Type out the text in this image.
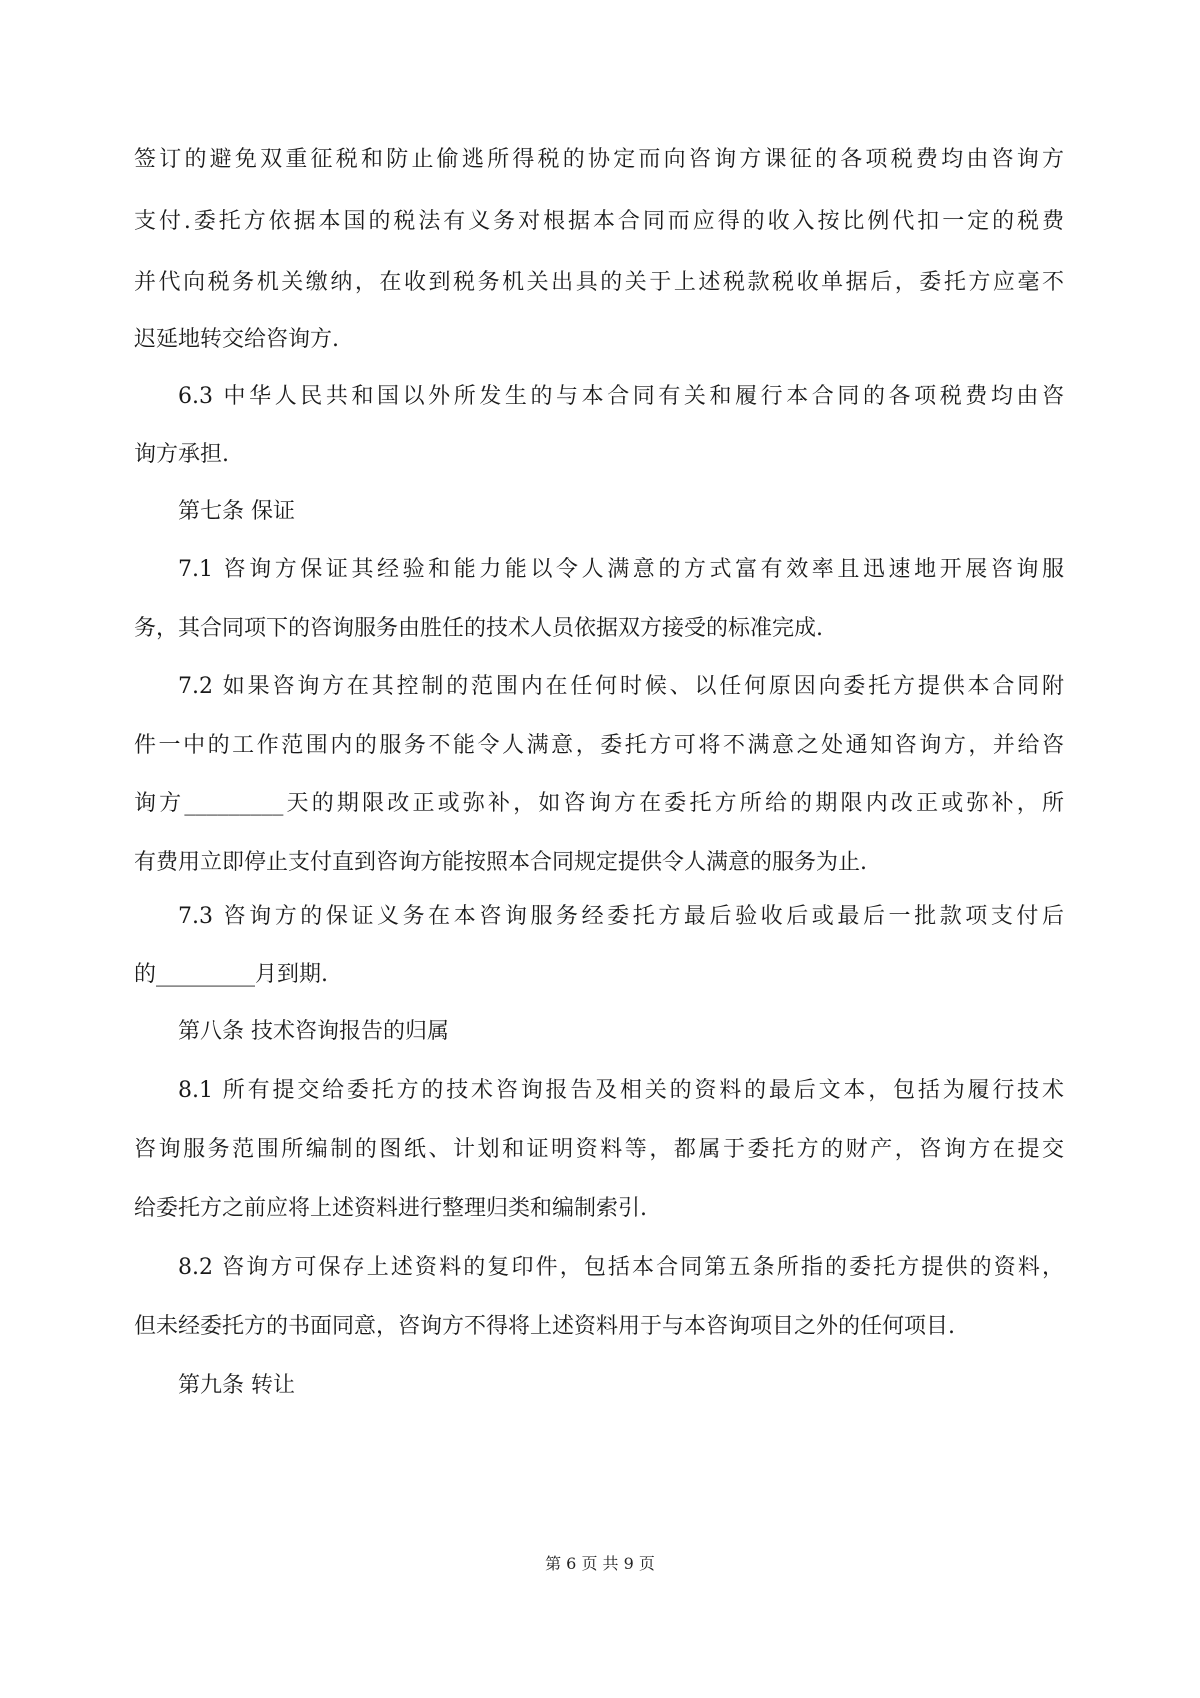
签订的避免双重征税和防止偷逃所得税的协定而向咨询方课征的各项税费均由咨询方

支付.委托方依据本国的税法有义务对根据本合同而应得的收入按比例代扣一定的税费

并代向税务机关缴纳，在收到税务机关出具的关于上述税款税收单据后，委托方应毫不

迟延地转交给咨询方.

6.3 中华人民共和国以外所发生的与本合同有关和履行本合同的各项税费均由咨

询方承担.

第七条 保证

7.1 咨询方保证其经验和能力能以令人满意的方式富有效率且迅速地开展咨询服

务，其合同项下的咨询服务由胜任的技术人员依据双方接受的标准完成.

7.2 如果咨询方在其控制的范围内在任何时候、以任何原因向委托方提供本合同附

件一中的工作范围内的服务不能令人满意，委托方可将不满意之处通知咨询方，并给咨

询方_________天的期限改正或弥补，如咨询方在委托方所给的期限内改正或弥补，所

有费用立即停止支付直到咨询方能按照本合同规定提供令人满意的服务为止.

7.3 咨询方的保证义务在本咨询服务经委托方最后验收后或最后一批款项支付后

的_________月到期.

第八条 技术咨询报告的归属

8.1 所有提交给委托方的技术咨询报告及相关的资料的最后文本，包括为履行技术

咨询服务范围所编制的图纸、计划和证明资料等，都属于委托方的财产，咨询方在提交

给委托方之前应将上述资料进行整理归类和编制索引.

8.2 咨询方可保存上述资料的复印件，包括本合同第五条所指的委托方提供的资料，

但未经委托方的书面同意，咨询方不得将上述资料用于与本咨询项目之外的任何项目.

第九条 转让

第 6 页 共 9 页
